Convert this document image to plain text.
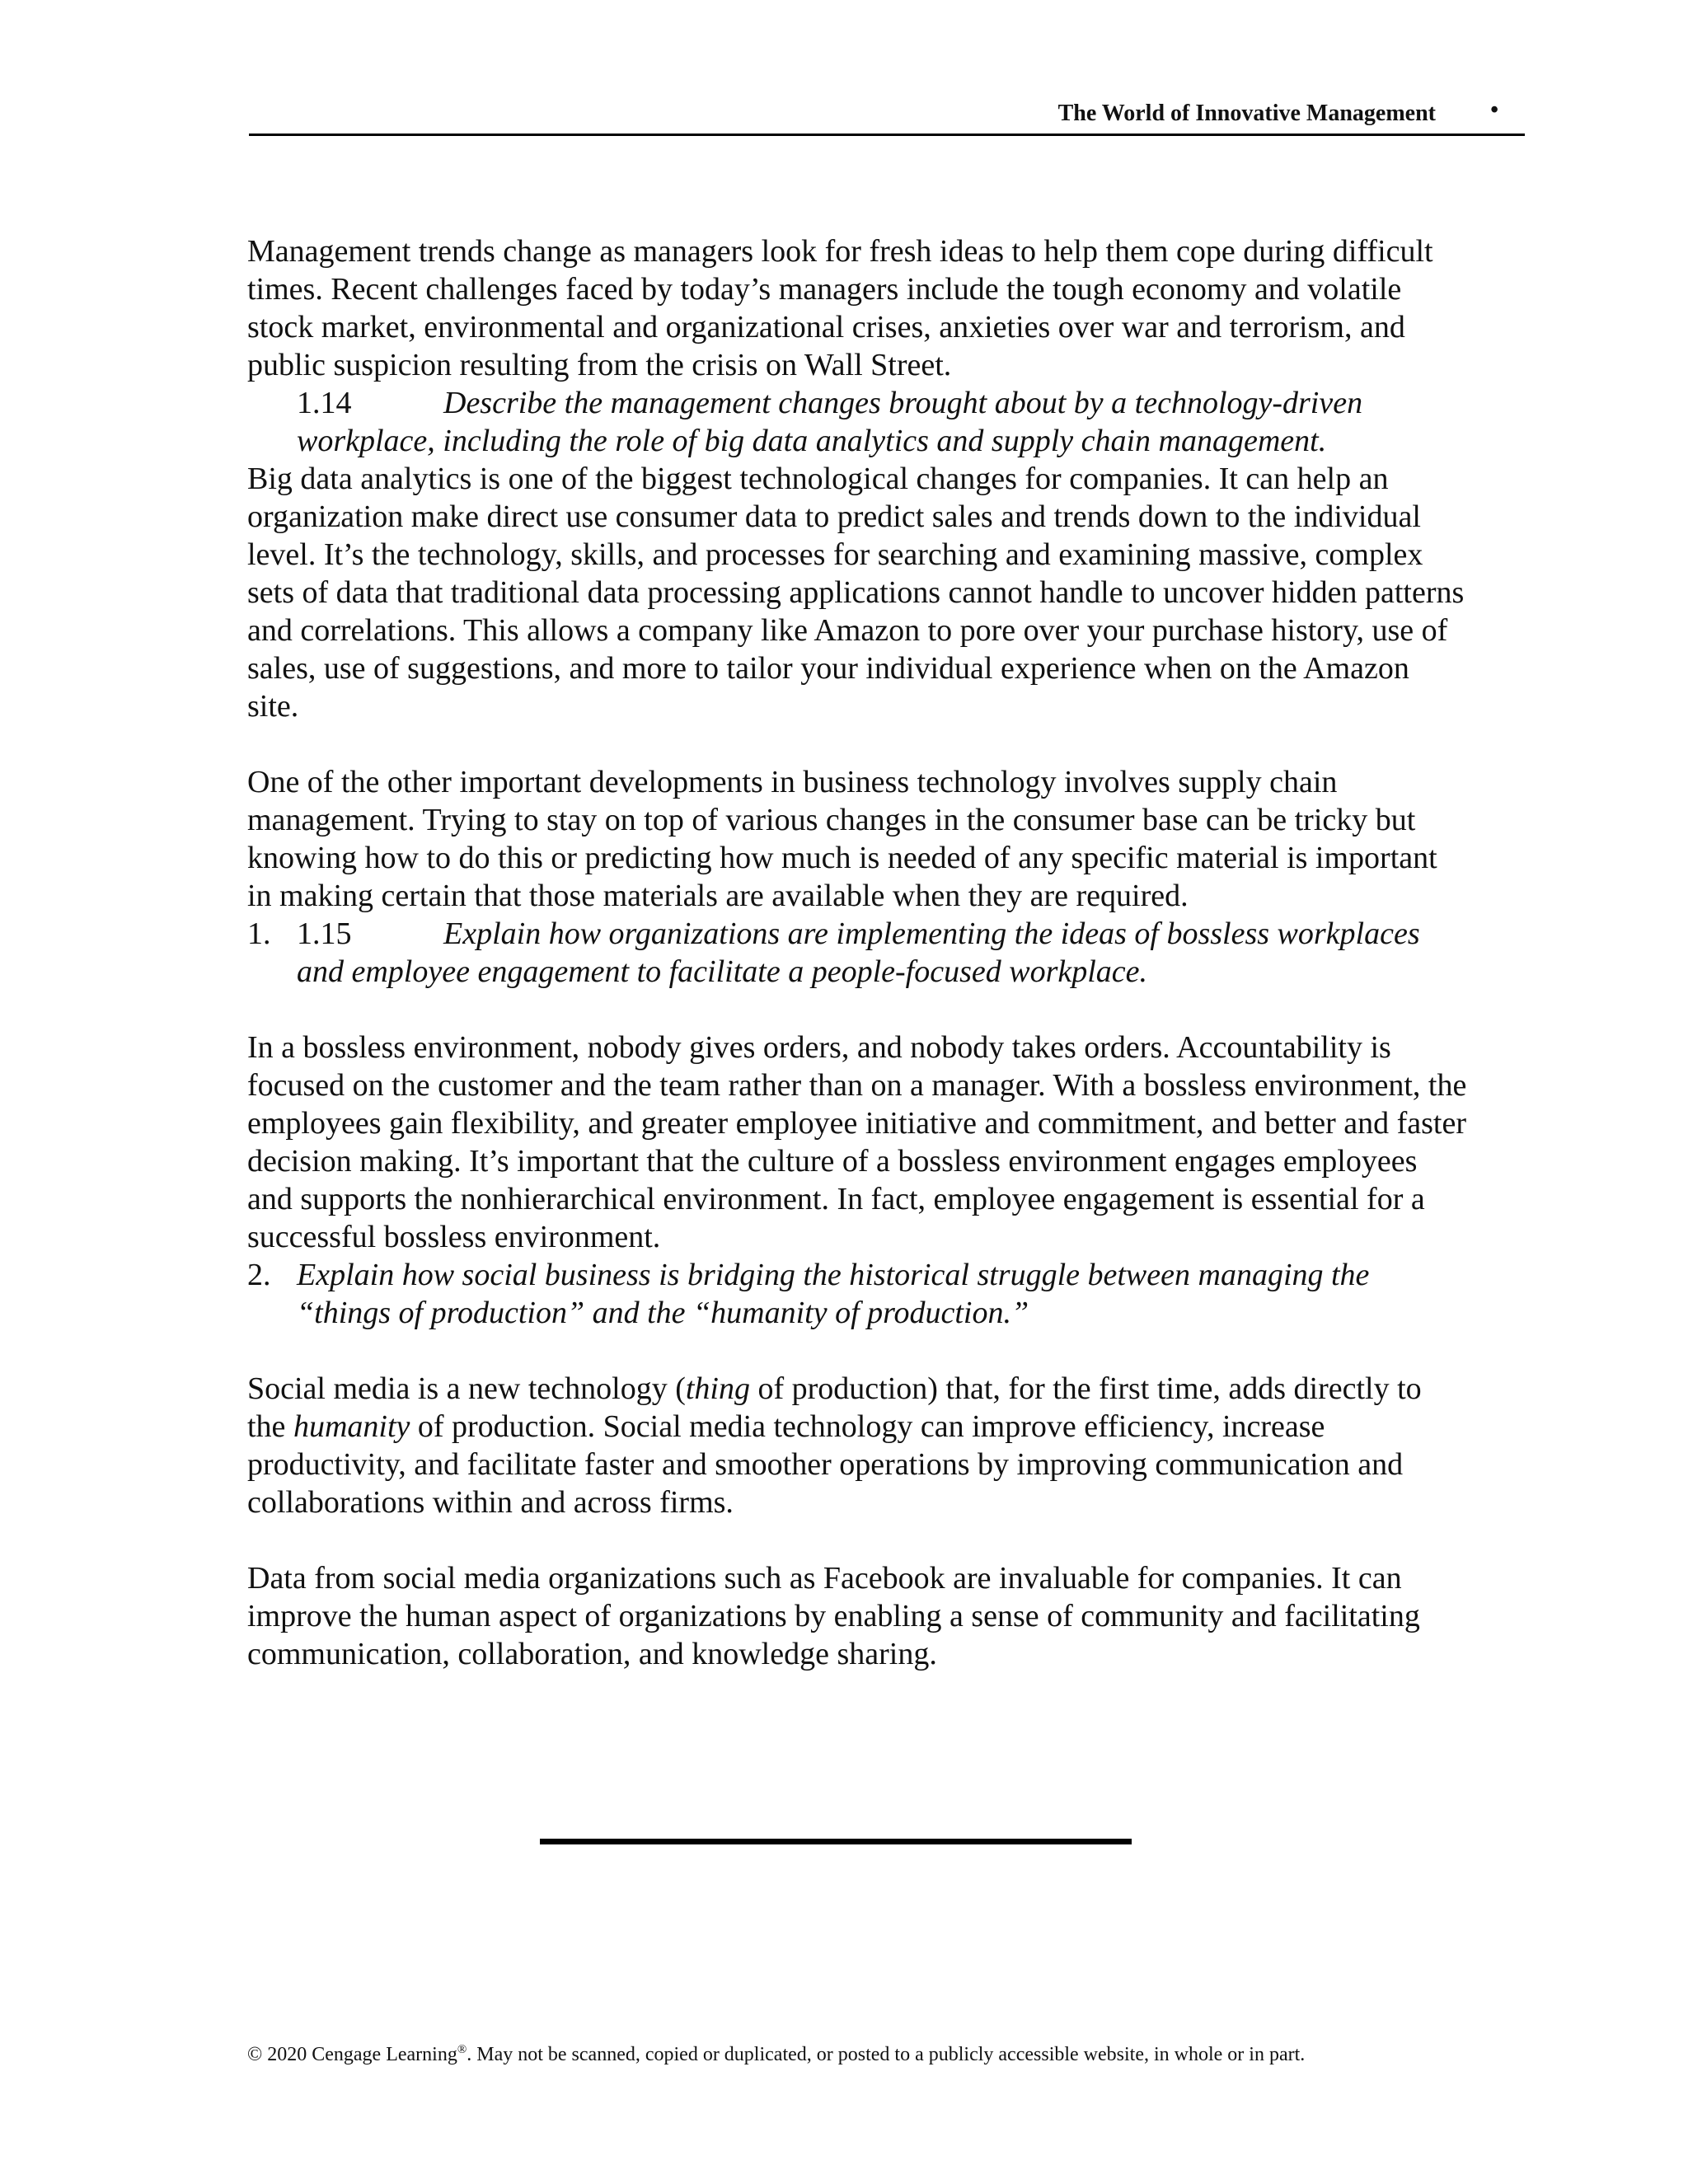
The World of Innovative Management •

Management trends change as managers look for fresh ideas to help them cope during difficult times. Recent challenges faced by today’s managers include the tough economy and volatile stock market, environmental and organizational crises, anxieties over war and terrorism, and public suspicion resulting from the crisis on Wall Street.

1.14	Describe the management changes brought about by a technology-driven workplace, including the role of big data analytics and supply chain management.

Big data analytics is one of the biggest technological changes for companies. It can help an organization make direct use consumer data to predict sales and trends down to the individual level. It’s the technology, skills, and processes for searching and examining massive, complex sets of data that traditional data processing applications cannot handle to uncover hidden patterns and correlations. This allows a company like Amazon to pore over your purchase history, use of sales, use of suggestions, and more to tailor your individual experience when on the Amazon site.

One of the other important developments in business technology involves supply chain management. Trying to stay on top of various changes in the consumer base can be tricky but knowing how to do this or predicting how much is needed of any specific material is important in making certain that those materials are available when they are required.

1. 1.15	Explain how organizations are implementing the ideas of bossless workplaces and employee engagement to facilitate a people-focused workplace.

In a bossless environment, nobody gives orders, and nobody takes orders. Accountability is focused on the customer and the team rather than on a manager. With a bossless environment, the employees gain flexibility, and greater employee initiative and commitment, and better and faster decision making. It’s important that the culture of a bossless environment engages employees and supports the nonhierarchical environment. In fact, employee engagement is essential for a successful bossless environment.

2. Explain how social business is bridging the historical struggle between managing the “things of production” and the “humanity of production.”

Social media is a new technology (thing of production) that, for the first time, adds directly to the humanity of production. Social media technology can improve efficiency, increase productivity, and facilitate faster and smoother operations by improving communication and collaborations within and across firms.

Data from social media organizations such as Facebook are invaluable for companies. It can improve the human aspect of organizations by enabling a sense of community and facilitating communication, collaboration, and knowledge sharing.

© 2020 Cengage Learning®. May not be scanned, copied or duplicated, or posted to a publicly accessible website, in whole or in part.
